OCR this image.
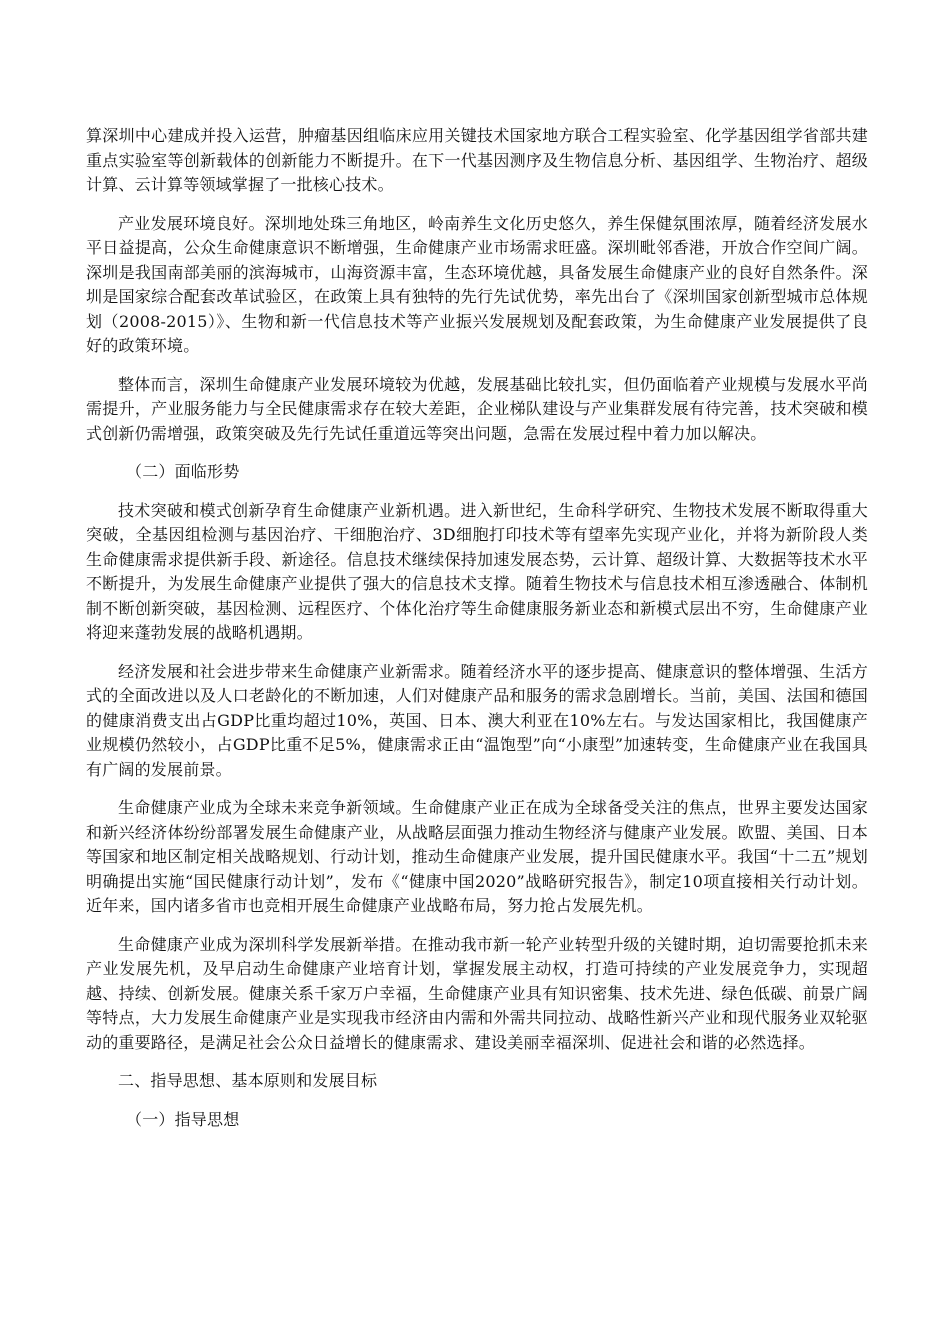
算深圳中心建成并投入运营，肿瘤基因组临床应用关键技术国家地方联合工程实验室、化学基因组学省部共建重点实验室等创新载体的创新能力不断提升。在下一代基因测序及生物信息分析、基因组学、生物治疗、超级计算、云计算等领域掌握了一批核心技术。

产业发展环境良好。深圳地处珠三角地区，岭南养生文化历史悠久，养生保健氛围浓厚，随着经济发展水平日益提高，公众生命健康意识不断增强，生命健康产业市场需求旺盛。深圳毗邻香港，开放合作空间广阔。深圳是我国南部美丽的滨海城市，山海资源丰富，生态环境优越，具备发展生命健康产业的良好自然条件。深圳是国家综合配套改革试验区，在政策上具有独特的先行先试优势，率先出台了《深圳国家创新型城市总体规划（2008-2015）》、生物和新一代信息技术等产业振兴发展规划及配套政策，为生命健康产业发展提供了良好的政策环境。

整体而言，深圳生命健康产业发展环境较为优越，发展基础比较扎实，但仍面临着产业规模与发展水平尚需提升，产业服务能力与全民健康需求存在较大差距，企业梯队建设与产业集群发展有待完善，技术突破和模式创新仍需增强，政策突破及先行先试任重道远等突出问题，急需在发展过程中着力加以解决。

（二）面临形势

技术突破和模式创新孕育生命健康产业新机遇。进入新世纪，生命科学研究、生物技术发展不断取得重大突破，全基因组检测与基因治疗、干细胞治疗、3D细胞打印技术等有望率先实现产业化，并将为新阶段人类生命健康需求提供新手段、新途径。信息技术继续保持加速发展态势，云计算、超级计算、大数据等技术水平不断提升，为发展生命健康产业提供了强大的信息技术支撑。随着生物技术与信息技术相互渗透融合、体制机制不断创新突破，基因检测、远程医疗、个体化治疗等生命健康服务新业态和新模式层出不穷，生命健康产业将迎来蓬勃发展的战略机遇期。

经济发展和社会进步带来生命健康产业新需求。随着经济水平的逐步提高、健康意识的整体增强、生活方式的全面改进以及人口老龄化的不断加速，人们对健康产品和服务的需求急剧增长。当前，美国、法国和德国的健康消费支出占GDP比重均超过10%，英国、日本、澳大利亚在10%左右。与发达国家相比，我国健康产业规模仍然较小，占GDP比重不足5%，健康需求正由“温饱型”向“小康型”加速转变，生命健康产业在我国具有广阔的发展前景。

生命健康产业成为全球未来竞争新领域。生命健康产业正在成为全球备受关注的焦点，世界主要发达国家和新兴经济体纷纷部署发展生命健康产业，从战略层面强力推动生物经济与健康产业发展。欧盟、美国、日本等国家和地区制定相关战略规划、行动计划，推动生命健康产业发展，提升国民健康水平。我国“十二五”规划明确提出实施“国民健康行动计划”，发布《“健康中国2020”战略研究报告》，制定10项直接相关行动计划。近年来，国内诸多省市也竞相开展生命健康产业战略布局，努力抢占发展先机。

生命健康产业成为深圳科学发展新举措。在推动我市新一轮产业转型升级的关键时期，迫切需要抢抓未来产业发展先机，及早启动生命健康产业培育计划，掌握发展主动权，打造可持续的产业发展竞争力，实现超越、持续、创新发展。健康关系千家万户幸福，生命健康产业具有知识密集、技术先进、绿色低碳、前景广阔等特点，大力发展生命健康产业是实现我市经济由内需和外需共同拉动、战略性新兴产业和现代服务业双轮驱动的重要路径，是满足社会公众日益增长的健康需求、建设美丽幸福深圳、促进社会和谐的必然选择。

二、指导思想、基本原则和发展目标
（一）指导思想
